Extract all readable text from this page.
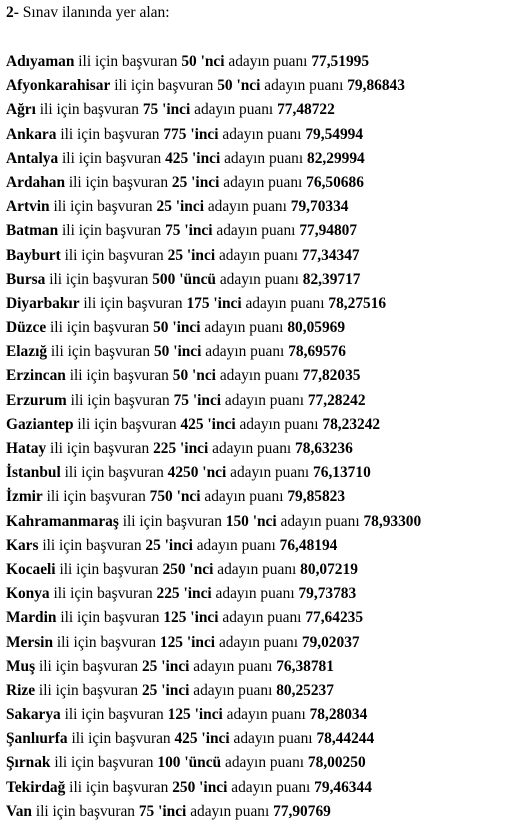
2- Sınav ilanında yer alan:
Adıyaman ili için başvuran 50 'nci adayın puanı 77,51995
Afyonkarahisar ili için başvuran 50 'nci adayın puanı 79,86843
Ağrı ili için başvuran 75 'inci adayın puanı 77,48722
Ankara ili için başvuran 775 'inci adayın puanı 79,54994
Antalya ili için başvuran 425 'inci adayın puanı 82,29994
Ardahan ili için başvuran 25 'inci adayın puanı 76,50686
Artvin ili için başvuran 25 'inci adayın puanı 79,70334
Batman ili için başvuran 75 'inci adayın puanı 77,94807
Bayburt ili için başvuran 25 'inci adayın puanı 77,34347
Bursa ili için başvuran 500 'üncü adayın puanı 82,39717
Diyarbakır ili için başvuran 175 'inci adayın puanı 78,27516
Düzce ili için başvuran 50 'inci adayın puanı 80,05969
Elazığ ili için başvuran 50 'inci adayın puanı 78,69576
Erzincan ili için başvuran 50 'nci adayın puanı 77,82035
Erzurum ili için başvuran 75 'inci adayın puanı 77,28242
Gaziantep ili için başvuran 425 'inci adayın puanı 78,23242
Hatay ili için başvuran 225 'inci adayın puanı 78,63236
İstanbul ili için başvuran 4250 'nci adayın puanı 76,13710
İzmir ili için başvuran 750 'nci adayın puanı 79,85823
Kahramanmaraş ili için başvuran 150 'nci adayın puanı 78,93300
Kars ili için başvuran 25 'inci adayın puanı 76,48194
Kocaeli ili için başvuran 250 'nci adayın puanı 80,07219
Konya ili için başvuran 225 'inci adayın puanı 79,73783
Mardin ili için başvuran 125 'inci adayın puanı 77,64235
Mersin ili için başvuran 125 'inci adayın puanı 79,02037
Muş ili için başvuran 25 'inci adayın puanı 76,38781
Rize ili için başvuran 25 'inci adayın puanı 80,25237
Sakarya ili için başvuran 125 'inci adayın puanı 78,28034
Şanlıurfa ili için başvuran 425 'inci adayın puanı 78,44244
Şırnak ili için başvuran 100 'üncü adayın puanı 78,00250
Tekirdağ ili için başvuran 250 'inci adayın puanı 79,46344
Van ili için başvuran 75 'inci adayın puanı 77,90769
